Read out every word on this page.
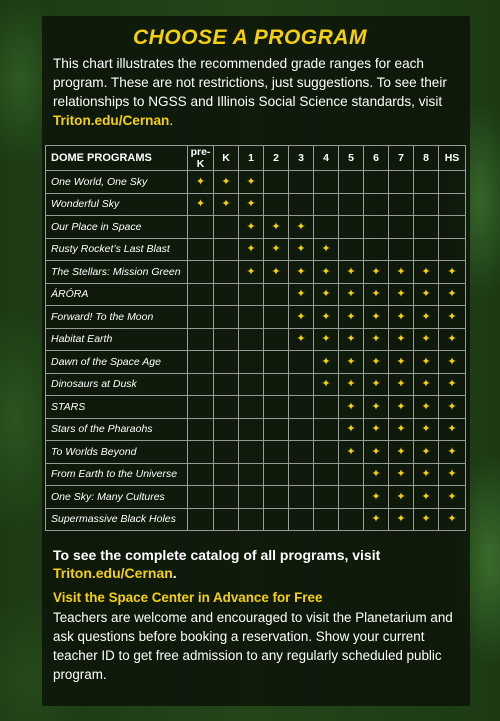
CHOOSE A PROGRAM
This chart illustrates the recommended grade ranges for each program. These are not restrictions, just suggestions. To see their relationships to NGSS and Illinois Social Science standards, visit Triton.edu/Cernan.
DOME PROGRAMS	pre-K	K	1	2	3	4	5	6	7	8	HS
One World, One Sky	✦	✦	✦								
Wonderful Sky	✦	✦	✦								
Our Place in Space			✦	✦	✦						
Rusty Rocket’s Last Blast			✦	✦	✦	✦					
The Stellars: Mission Green			✦	✦	✦	✦	✦	✦	✦	✦	✦
ÁRÓRA					✦	✦	✦	✦	✦	✦	✦
Forward! To the Moon					✦	✦	✦	✦	✦	✦	✦
Habitat Earth					✦	✦	✦	✦	✦	✦	✦
Dawn of the Space Age						✦	✦	✦	✦	✦	✦
Dinosaurs at Dusk						✦	✦	✦	✦	✦	✦
STARS							✦	✦	✦	✦	✦
Stars of the Pharaohs							✦	✦	✦	✦	✦
To Worlds Beyond							✦	✦	✦	✦	✦
From Earth to the Universe								✦	✦	✦	✦
One Sky: Many Cultures								✦	✦	✦	✦
Supermassive Black Holes								✦	✦	✦	✦
To see the complete catalog of all programs, visit Triton.edu/Cernan.
Visit the Space Center in Advance for Free
Teachers are welcome and encouraged to visit the Planetarium and ask questions before booking a reservation. Show your current teacher ID to get free admission to any regularly scheduled public program.
